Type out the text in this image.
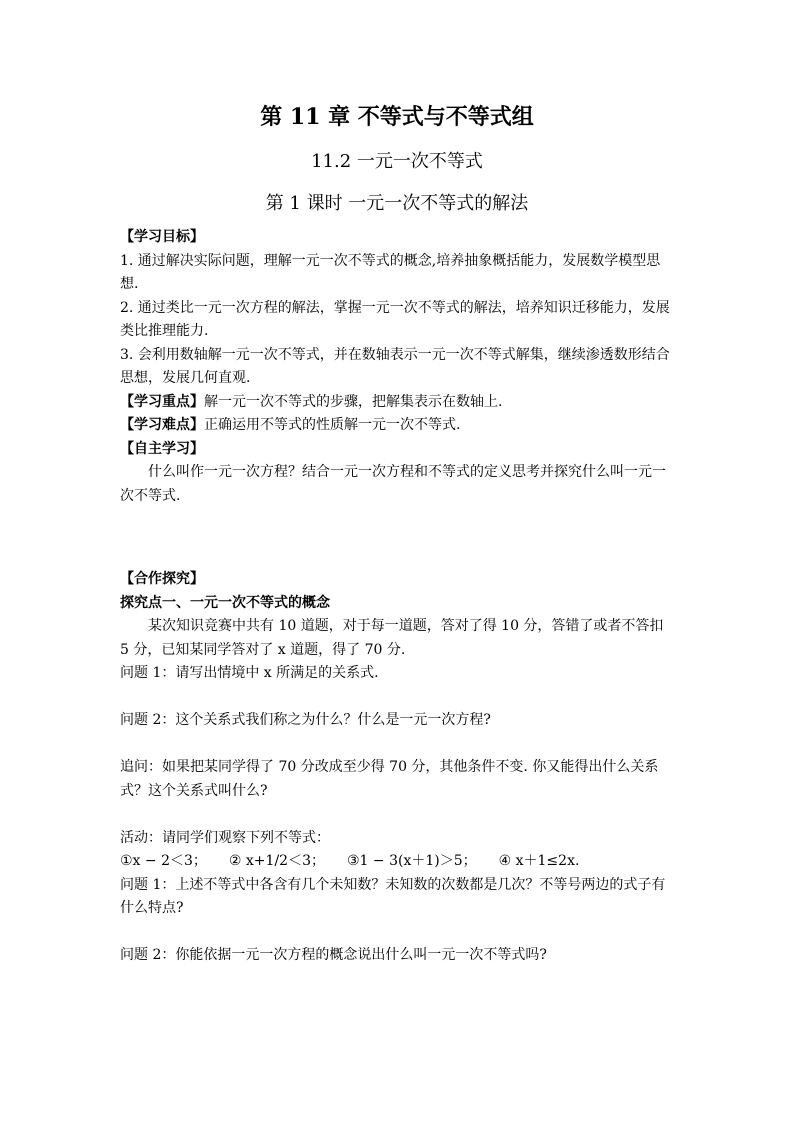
第 11 章 不等式与不等式组
11.2 一元一次不等式
第 1 课时 一元一次不等式的解法

【学习目标】

1. 通过解决实际问题，理解一元一次不等式的概念,培养抽象概括能力，发展数学模型思想.

2. 通过类比一元一次方程的解法，掌握一元一次不等式的解法，培养知识迁移能力，发展类比推理能力.

3. 会利用数轴解一元一次不等式，并在数轴表示一元一次不等式解集，继续渗透数形结合思想，发展几何直观.

【学习重点】解一元一次不等式的步骤，把解集表示在数轴上.

【学习难点】正确运用不等式的性质解一元一次不等式.

【自主学习】

什么叫作一元一次方程？结合一元一次方程和不等式的定义思考并探究什么叫一元一次不等式.

【合作探究】

探究点一、一元一次不等式的概念

某次知识竞赛中共有 10 道题，对于每一道题，答对了得 10 分，答错了或者不答扣 5 分，已知某同学答对了 x 道题，得了 70 分.

问题 1：请写出情境中 x 所满足的关系式.

问题 2：这个关系式我们称之为什么？什么是一元一次方程?

追问：如果把某同学得了 70 分改成至少得 70 分，其他条件不变. 你又能得出什么关系式？这个关系式叫什么?

活动：请同学们观察下列不等式：

①x − 2＜3； ② x+1/2＜3； ③1 − 3(x＋1)＞5； ④ x＋1≤2x.

问题 1：上述不等式中各含有几个未知数？未知数的次数都是几次？不等号两边的式子有什么特点?

问题 2：你能依据一元一次方程的概念说出什么叫一元一次不等式吗?
